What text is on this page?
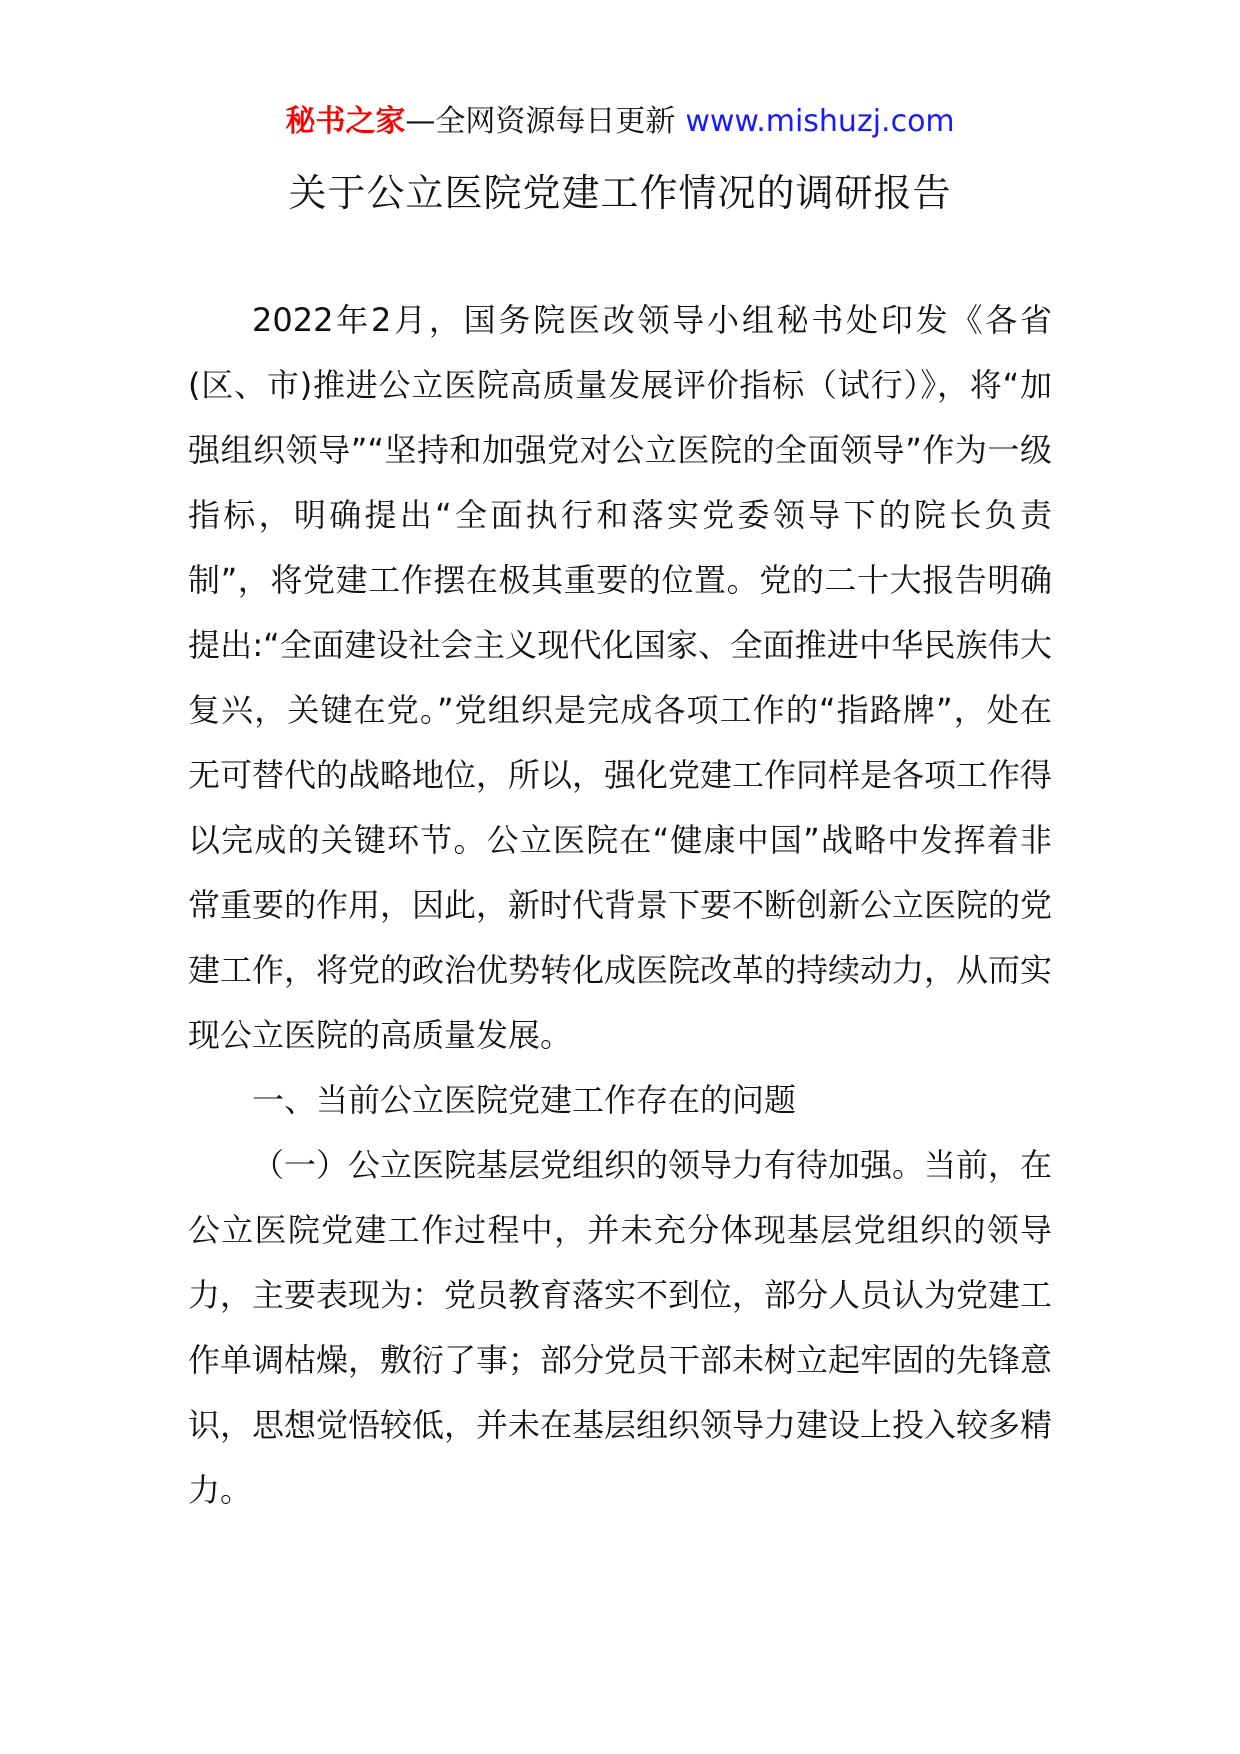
秘书之家—全网资源每日更新 www.mishuzj.com
关于公立医院党建工作情况的调研报告

2022年2月，国务院医改领导小组秘书处印发《各省(区、市)推进公立医院高质量发展评价指标（试行）》，将“加强组织领导”“坚持和加强党对公立医院的全面领导”作为一级指标，明确提出“全面执行和落实党委领导下的院长负责制”，将党建工作摆在极其重要的位置。党的二十大报告明确提出:“全面建设社会主义现代化国家、全面推进中华民族伟大复兴，关键在党。”党组织是完成各项工作的“指路牌”，处在无可替代的战略地位，所以，强化党建工作同样是各项工作得以完成的关键环节。公立医院在“健康中国”战略中发挥着非常重要的作用，因此，新时代背景下要不断创新公立医院的党建工作，将党的政治优势转化成医院改革的持续动力，从而实现公立医院的高质量发展。

一、当前公立医院党建工作存在的问题

（一）公立医院基层党组织的领导力有待加强。当前，在公立医院党建工作过程中，并未充分体现基层党组织的领导力，主要表现为：党员教育落实不到位，部分人员认为党建工作单调枯燥，敷衍了事；部分党员干部未树立起牢固的先锋意识，思想觉悟较低，并未在基层组织领导力建设上投入较多精力。
